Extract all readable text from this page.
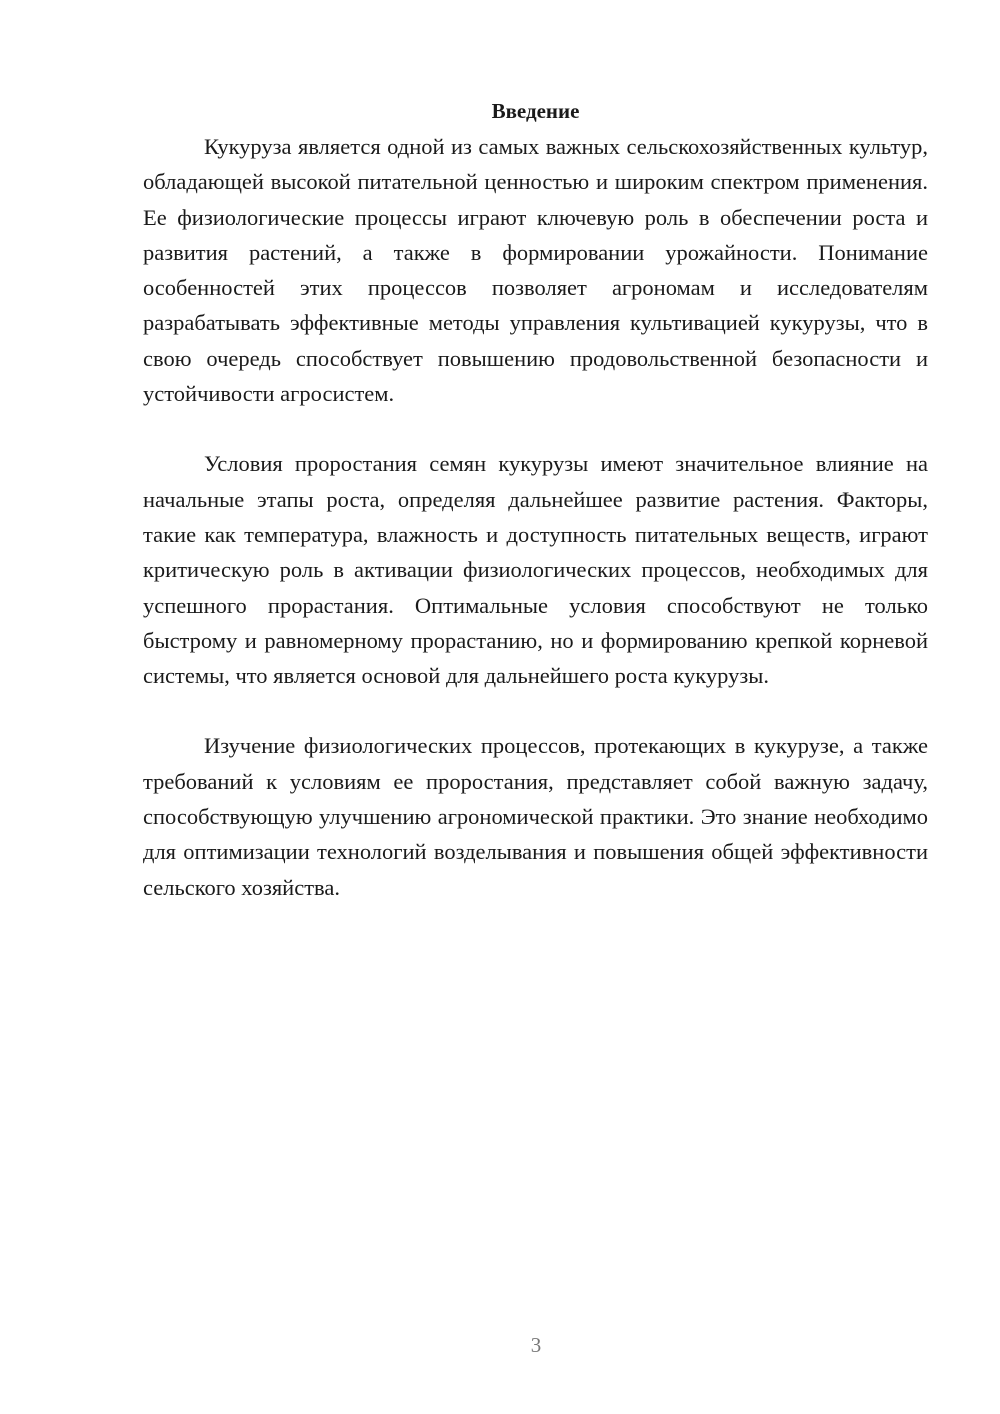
Введение

Кукуруза является одной из самых важных сельскохозяйственных культур, обладающей высокой питательной ценностью и широким спектром применения. Ее физиологические процессы играют ключевую роль в обеспечении роста и развития растений, а также в формировании урожайности. Понимание особенностей этих процессов позволяет агрономам и исследователям разрабатывать эффективные методы управления культивацией кукурузы, что в свою очередь способствует повышению продовольственной безопасности и устойчивости агросистем.

Условия проростания семян кукурузы имеют значительное влияние на начальные этапы роста, определяя дальнейшее развитие растения. Факторы, такие как температура, влажность и доступность питательных веществ, играют критическую роль в активации физиологических процессов, необходимых для успешного прорастания. Оптимальные условия способствуют не только быстрому и равномерному прорастанию, но и формированию крепкой корневой системы, что является основой для дальнейшего роста кукурузы.

Изучение физиологических процессов, протекающих в кукурузе, а также требований к условиям ее проростания, представляет собой важную задачу, способствующую улучшению агрономической практики. Это знание необходимо для оптимизации технологий возделывания и повышения общей эффективности сельского хозяйства.

3
